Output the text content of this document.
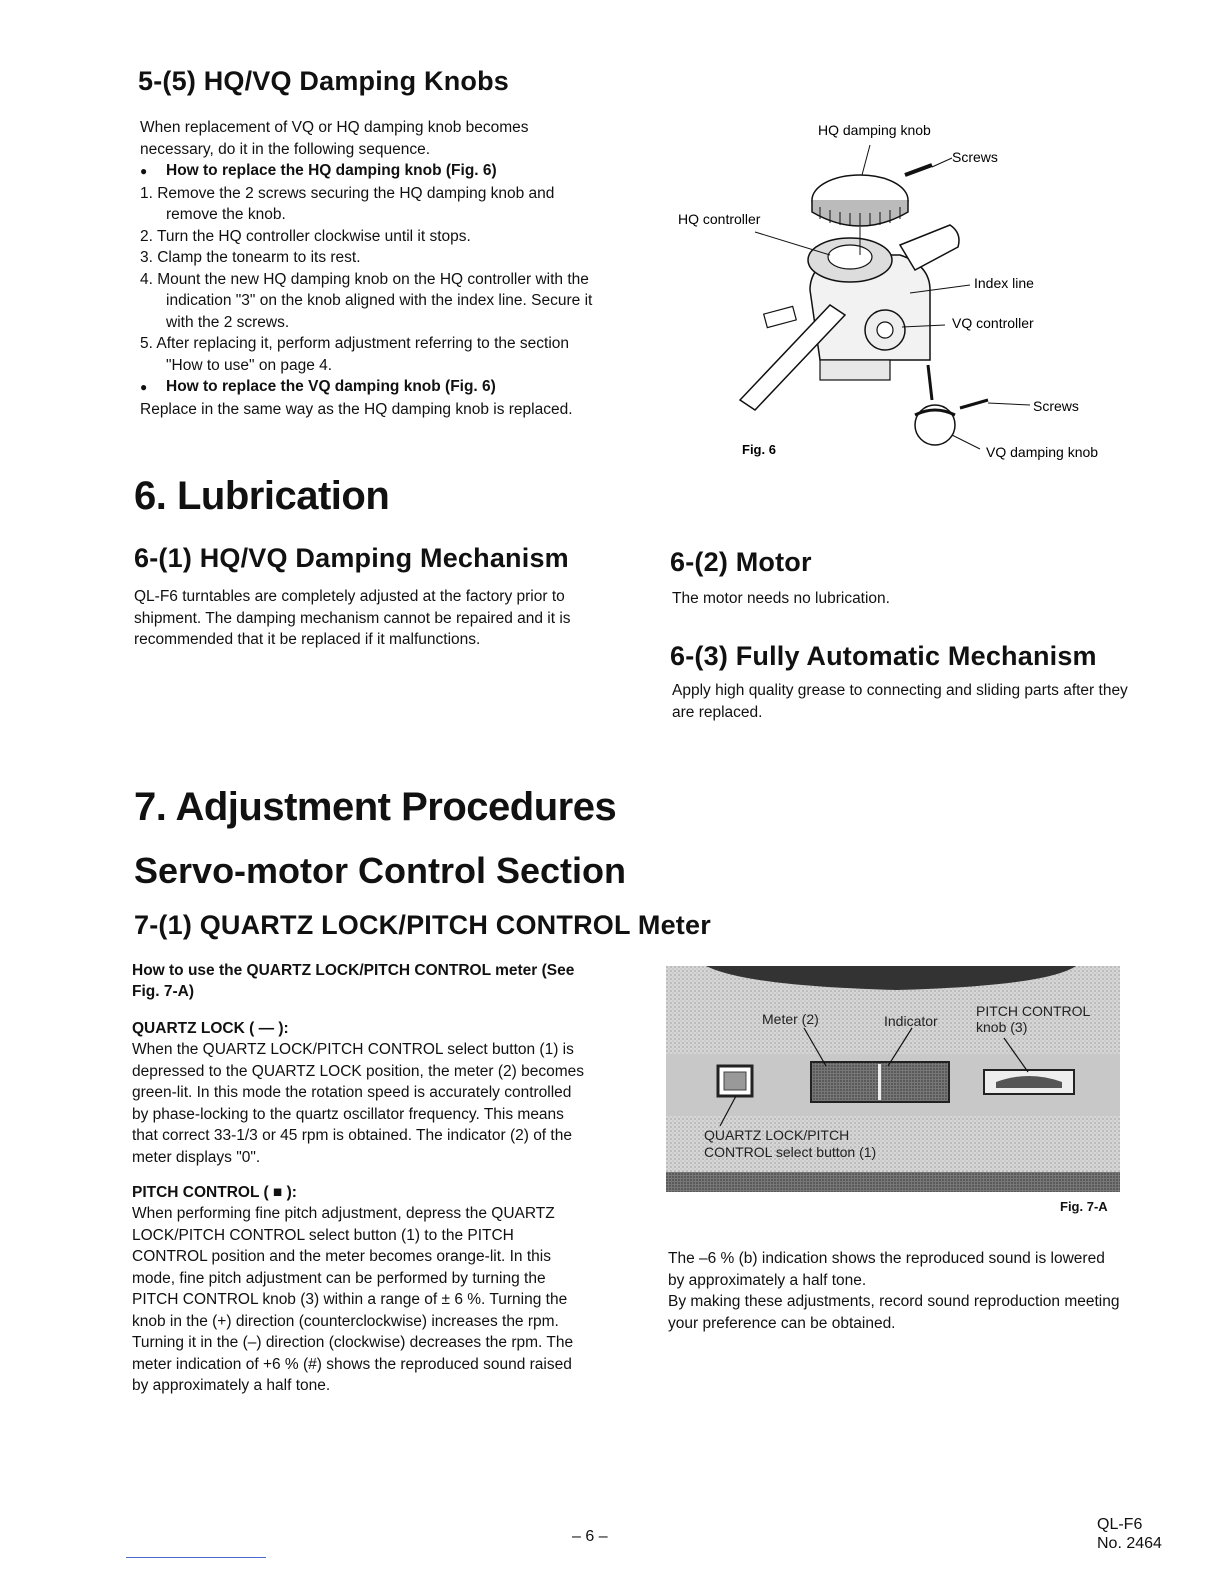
5-(5) HQ/VQ Damping Knobs

When replacement of VQ or HQ damping knob becomes necessary, do it in the following sequence.

● How to replace the HQ damping knob (Fig. 6)
1. Remove the 2 screws securing the HQ damping knob and remove the knob.
2. Turn the HQ controller clockwise until it stops.
3. Clamp the tonearm to its rest.
4. Mount the new HQ damping knob on the HQ controller with the indication "3" on the knob aligned with the index line. Secure it with the 2 screws.
5. After replacing it, perform adjustment referring to the section "How to use" on page 4.
● How to replace the VQ damping knob (Fig. 6)

Replace in the same way as the HQ damping knob is replaced.

HQ damping knob
Screws
HQ controller
Index line
VQ controller
Screws
VQ damping knob
Fig. 6
6. Lubrication
6-(1) HQ/VQ Damping Mechanism
QL-F6 turntables are completely adjusted at the factory prior to shipment. The damping mechanism cannot be repaired and it is recommended that it be replaced if it malfunctions.
6-(2) Motor
The motor needs no lubrication.
6-(3) Fully Automatic Mechanism
Apply high quality grease to connecting and sliding parts after they are replaced.
7. Adjustment Procedures
Servo-motor Control Section
7-(1) QUARTZ LOCK/PITCH CONTROL Meter
How to use the QUARTZ LOCK/PITCH CONTROL meter (See Fig. 7-A)
QUARTZ LOCK ( — ):

When the QUARTZ LOCK/PITCH CONTROL select button (1) is depressed to the QUARTZ LOCK position, the meter (2) becomes green-lit. In this mode the rotation speed is accurately controlled by phase-locking to the quartz oscillator frequency. This means that correct 33-1/3 or 45 rpm is obtained. The indicator (2) of the meter displays "0".

PITCH CONTROL ( ■ ):

When performing fine pitch adjustment, depress the QUARTZ LOCK/PITCH CONTROL select button (1) to the PITCH CONTROL position and the meter becomes orange-lit. In this mode, fine pitch adjustment can be performed by turning the PITCH CONTROL knob (3) within a range of ± 6 %. Turning the knob in the (+) direction (counterclockwise) increases the rpm. Turning it in the (–) direction (clockwise) decreases the rpm. The meter indication of +6 % (#) shows the reproduced sound raised by approximately a half tone.

Meter (2)	Indicator
PITCH CONTROL
knob (3)
QUARTZ LOCK/PITCH
CONTROL select button (1)
Fig. 7-A

The –6 % (b) indication shows the reproduced sound is lowered by approximately a half tone.

By making these adjustments, record sound reproduction meeting your preference can be obtained.

– 6 –
QL-F6
No. 2464
